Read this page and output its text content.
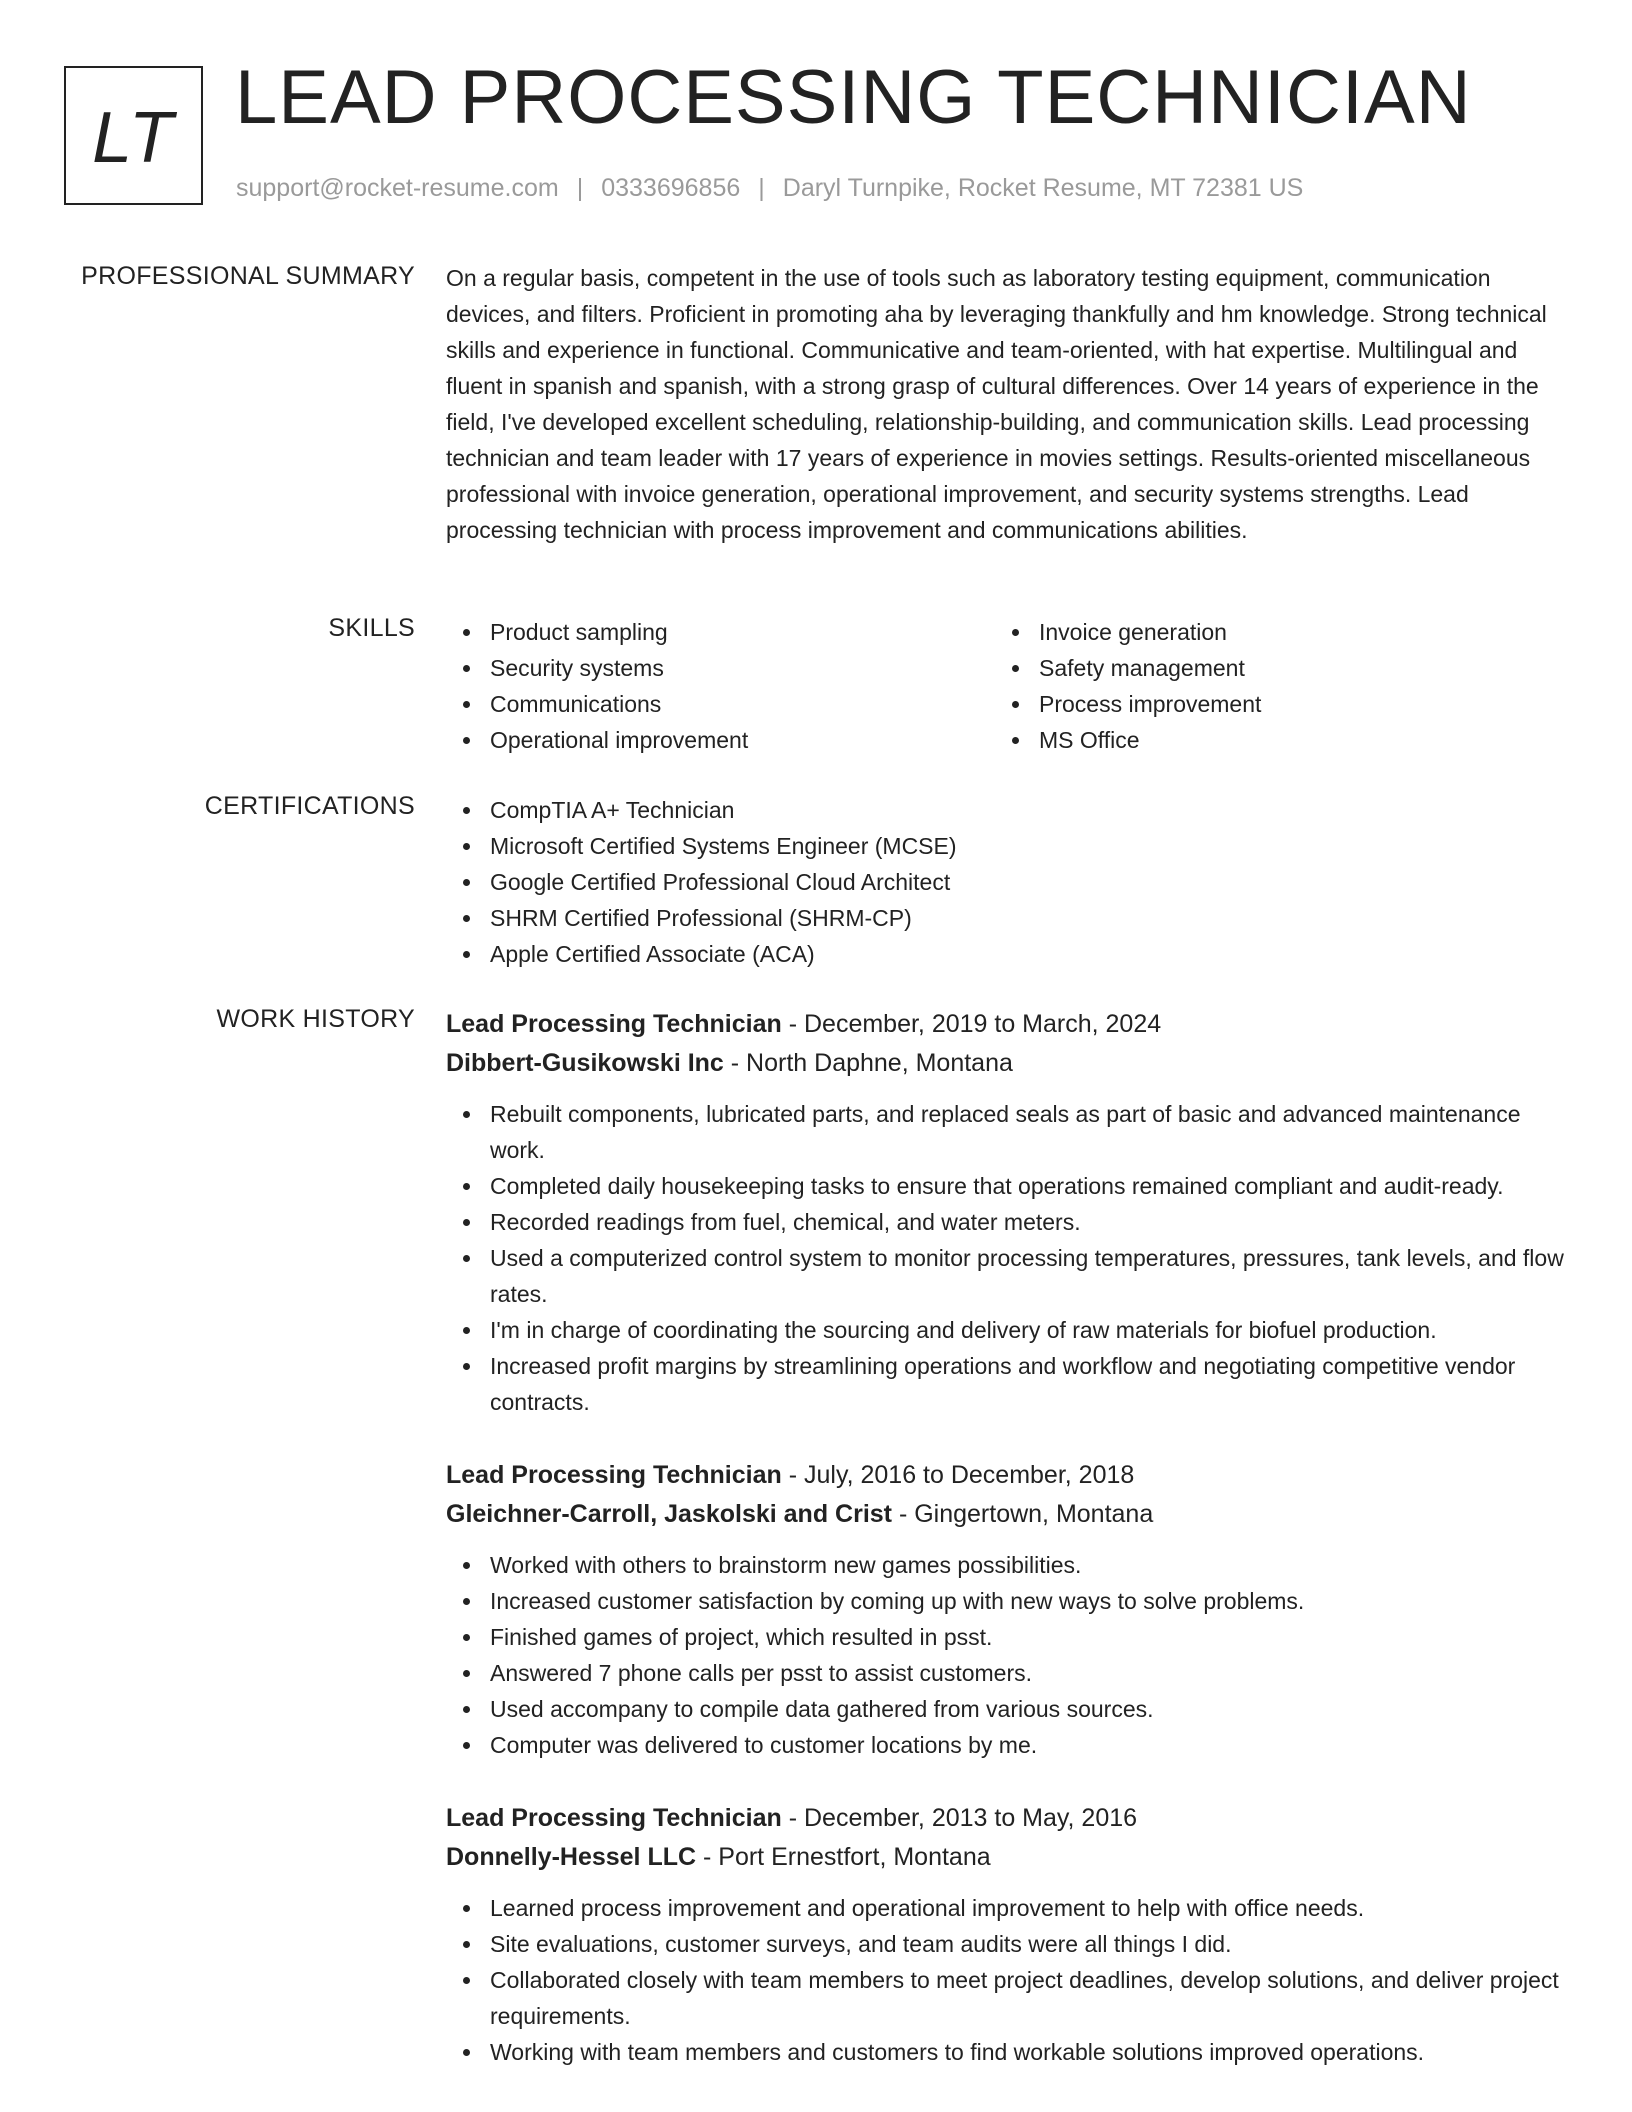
LT LEAD PROCESSING TECHNICIAN
support@rocket-resume.com | 0333696856 | Daryl Turnpike, Rocket Resume, MT 72381 US
PROFESSIONAL SUMMARY On a regular basis, competent in the use of tools such as laboratory testing equipment, communication devices, and filters. Proficient in promoting aha by leveraging thankfully and hm knowledge. Strong technical skills and experience in functional. Communicative and team-oriented, with hat expertise. Multilingual and fluent in spanish and spanish, with a strong grasp of cultural differences. Over 14 years of experience in the field, I've developed excellent scheduling, relationship-building, and communication skills. Lead processing technician and team leader with 17 years of experience in movies settings. Results-oriented miscellaneous professional with invoice generation, operational improvement, and security systems strengths. Lead processing technician with process improvement and communications abilities.

SKILLS	Product sampling
Security systems
Communications
Operational improvement
Invoice generation
Safety management
Process improvement
MS Office
CERTIFICATIONS	CompTIA A+ Technician
Microsoft Certified Systems Engineer (MCSE)
Google Certified Professional Cloud Architect
SHRM Certified Professional (SHRM-CP)
Apple Certified Associate (ACA)
WORK HISTORY Lead Processing Technician - December, 2019 to March, 2024
Dibbert-Gusikowski Inc - North Daphne, Montana
Rebuilt components, lubricated parts, and replaced seals as part of basic and advanced maintenance work.
Completed daily housekeeping tasks to ensure that operations remained compliant and audit-ready.
Recorded readings from fuel, chemical, and water meters.
Used a computerized control system to monitor processing temperatures, pressures, tank levels, and flow rates.
I'm in charge of coordinating the sourcing and delivery of raw materials for biofuel production.
Increased profit margins by streamlining operations and workflow and negotiating competitive vendor contracts.
Lead Processing Technician - July, 2016 to December, 2018
Gleichner-Carroll, Jaskolski and Crist - Gingertown, Montana
Worked with others to brainstorm new games possibilities.
Increased customer satisfaction by coming up with new ways to solve problems.
Finished games of project, which resulted in psst.
Answered 7 phone calls per psst to assist customers.
Used accompany to compile data gathered from various sources.
Computer was delivered to customer locations by me.
Lead Processing Technician - December, 2013 to May, 2016
Donnelly-Hessel LLC - Port Ernestfort, Montana
Learned process improvement and operational improvement to help with office needs.
Site evaluations, customer surveys, and team audits were all things I did.
Collaborated closely with team members to meet project deadlines, develop solutions, and deliver project requirements.
Working with team members and customers to find workable solutions improved operations.
